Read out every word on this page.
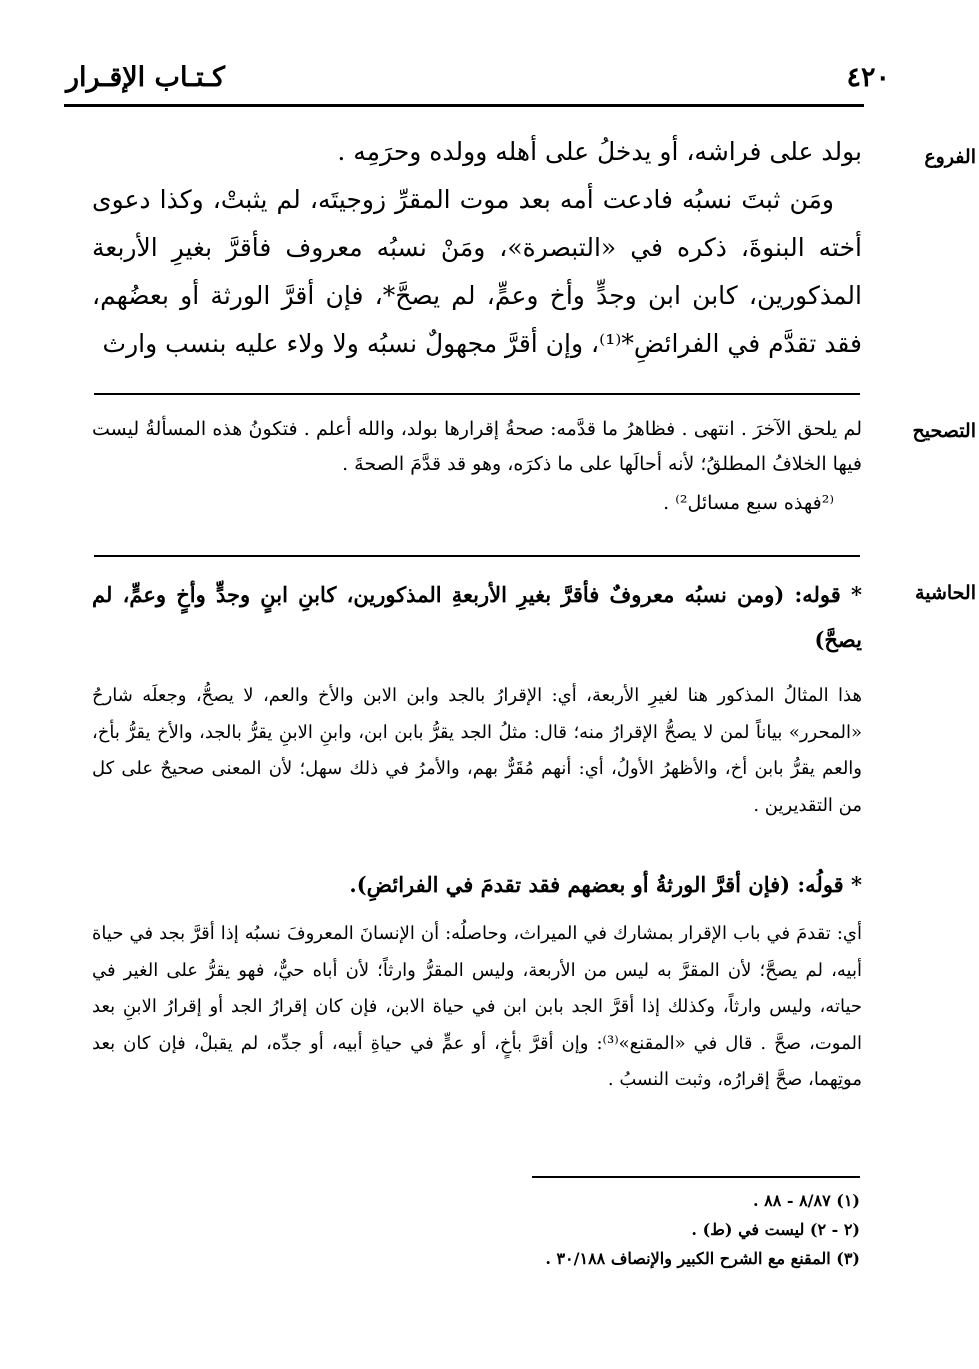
كـتـاب الإقـرار	٤٢٠
الفروع

بولد على فراشه، أو يدخلُ على أهله وولده وحرَمِه .

ومَن ثبتَ نسبُه فادعت أمه بعد موت المقرِّ زوجيتَه، لم يثبتْ، وكذا دعوى أخته البنوةَ، ذكره في «التبصرة»، ومَنْ نسبُه معروف فأقرَّ بغيرِ الأربعة المذكورين، كابن ابن وجدٍّ وأخ وعمٍّ، لم يصحَّ*، فإن أقرَّ الورثة أو بعضُهم، فقد تقدَّم في الفرائضِ*⁽¹⁾، وإن أقرَّ مجهولٌ نسبُه ولا ولاء عليه بنسب وارث

التصحيح

لم يلحق الآخرَ . انتهى . فظاهرُ ما قدَّمه: صحةُ إقرارها بولد، والله أعلم . فتكونُ هذه المسألةُ ليست فيها الخلافُ المطلقُ؛ لأنه أحالَها على ما ذكرَه، وهو قد قدَّمَ الصحةَ .

⁽²فهذه سبع مسائل²⁾ .

الحاشية

* قوله: (ومن نسبُه معروفٌ فأقرَّ بغيرِ الأربعةِ المذكورين، كابنِ ابنٍ وجدٍّ وأخٍ وعمٍّ، لم يصحَّ)

هذا المثالُ المذكور هنا لغيرِ الأربعة، أي: الإقرارُ بالجد وابن الابن والأخ والعم، لا يصحُّ، وجعلَه شارحُ «المحرر» بياناً لمن لا يصحُّ الإقرارُ منه؛ قال: مثلُ الجد يقرُّ بابن ابن، وابنِ الابنِ يقرُّ بالجد، والأخ يقرُّ بأخ، والعم يقرُّ بابن أخ، والأظهرُ الأولُ، أي: أنهم مُقَرٌّ بهم، والأمرُ في ذلك سهل؛ لأن المعنى صحيحٌ على كل من التقديرين .

* قولُه: (فإن أقرَّ الورثةُ أو بعضهم فقد تقدمَ في الفرائضِ).

أي: تقدمَ في باب الإقرار بمشارك في الميراث، وحاصلُه: أن الإنسانَ المعروفَ نسبُه إذا أقرَّ بجد في حياة أبيه، لم يصحَّ؛ لأن المقرَّ به ليس من الأربعة، وليس المقرُّ وارثاً؛ لأن أباه حيٌّ، فهو يقرُّ على الغير في حياته، وليس وارثاً، وكذلك إذا أقرَّ الجد بابن ابن في حياة الابن، فإن كان إقرارُ الجد أو إقرارُ الابنِ بعد الموت، صحَّ . قال في «المقنع»⁽³⁾: وإن أقرَّ بأخٍ، أو عمٍّ في حياةِ أبيه، أو جدِّه، لم يقبلْ، فإن كان بعد موتِهما، صحَّ إقرارُه، وثبت النسبُ .

(١) ٨/٨٧ - ٨٨ .
(٢ - ٢) ليست في (ط) .
(٣) المقنع مع الشرح الكبير والإنصاف ٣٠/١٨٨ .
